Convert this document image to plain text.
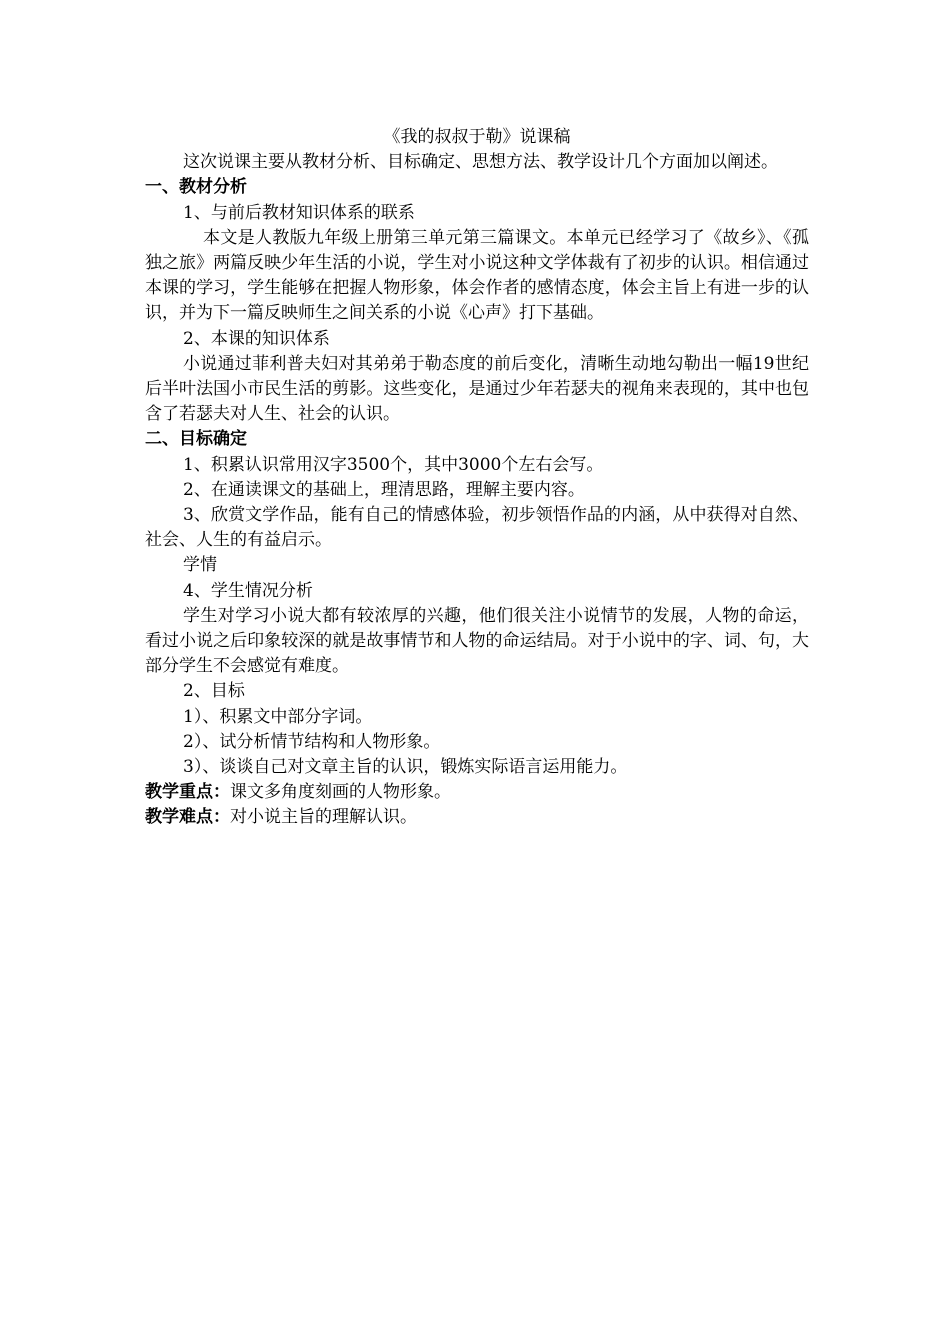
《我的叔叔于勒》说课稿

这次说课主要从教材分析、目标确定、思想方法、教学设计几个方面加以阐述。

一、教材分析

1、与前后教材知识体系的联系

本文是人教版九年级上册第三单元第三篇课文。本单元已经学习了《故乡》、《孤独之旅》两篇反映少年生活的小说，学生对小说这种文学体裁有了初步的认识。相信通过本课的学习，学生能够在把握人物形象，体会作者的感情态度，体会主旨上有进一步的认识，并为下一篇反映师生之间关系的小说《心声》打下基础。

2、本课的知识体系

小说通过菲利普夫妇对其弟弟于勒态度的前后变化，清晰生动地勾勒出一幅19世纪后半叶法国小市民生活的剪影。这些变化，是通过少年若瑟夫的视角来表现的，其中也包含了若瑟夫对人生、社会的认识。

二、目标确定

1、积累认识常用汉字3500个，其中3000个左右会写。

2、在通读课文的基础上，理清思路，理解主要内容。

3、欣赏文学作品，能有自己的情感体验，初步领悟作品的内涵，从中获得对自然、社会、人生的有益启示。

学情

4、学生情况分析

学生对学习小说大都有较浓厚的兴趣，他们很关注小说情节的发展，人物的命运，看过小说之后印象较深的就是故事情节和人物的命运结局。对于小说中的字、词、句，大部分学生不会感觉有难度。

2、目标

1）、积累文中部分字词。

2）、试分析情节结构和人物形象。

3）、谈谈自己对文章主旨的认识，锻炼实际语言运用能力。

教学重点：课文多角度刻画的人物形象。

教学难点：对小说主旨的理解认识。
